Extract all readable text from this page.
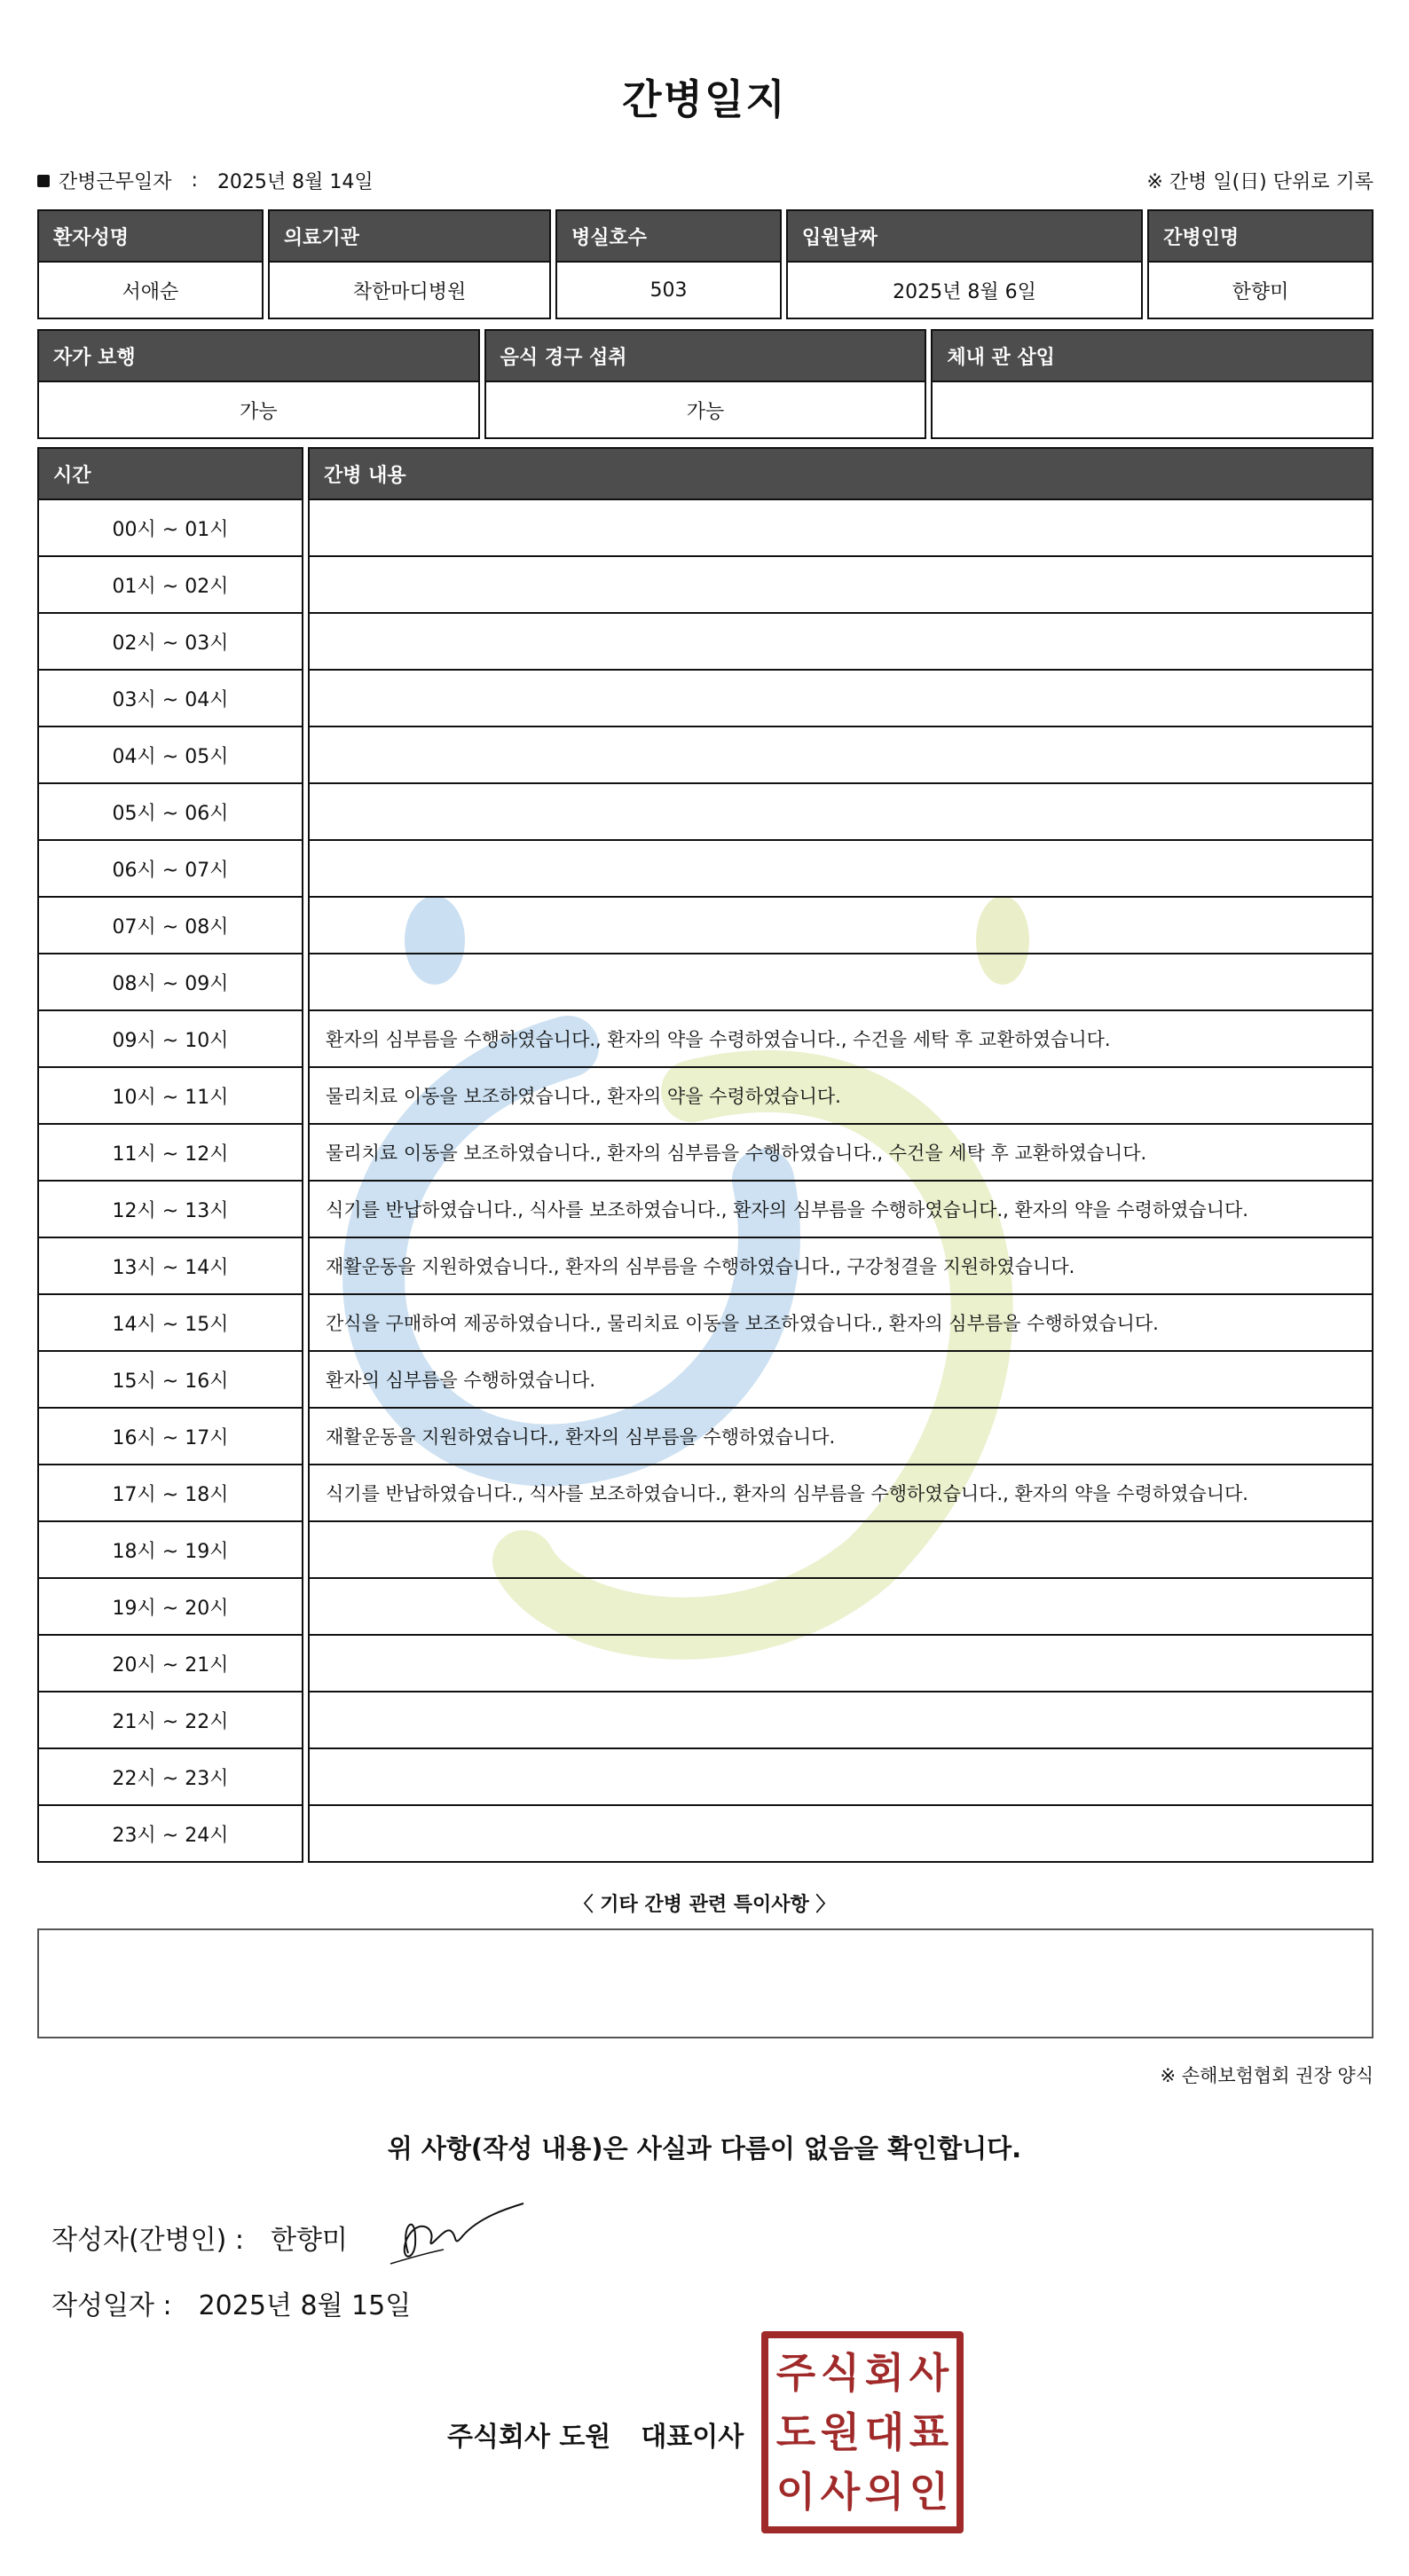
간병일지
간병근무일자 : 2025년 8월 14일	※ 간병 일(日) 단위로 기록
환자성명	의료기관	병실호수	입원날짜	간병인명
서애순	착한마디병원	503	2025년 8월 6일	한향미
자가 보행	음식 경구 섭취	체내 관 삽입
가능	가능	
시간	간병 내용
00시 ~ 01시	
01시 ~ 02시	
02시 ~ 03시	
03시 ~ 04시	
04시 ~ 05시	
05시 ~ 06시	
06시 ~ 07시	
07시 ~ 08시	
08시 ~ 09시	
09시 ~ 10시	환자의 심부름을 수행하였습니다., 환자의 약을 수령하였습니다., 수건을 세탁 후 교환하였습니다.
10시 ~ 11시	물리치료 이동을 보조하였습니다., 환자의 약을 수령하였습니다.
11시 ~ 12시	물리치료 이동을 보조하였습니다., 환자의 심부름을 수행하였습니다., 수건을 세탁 후 교환하였습니다.
12시 ~ 13시	식기를 반납하였습니다., 식사를 보조하였습니다., 환자의 심부름을 수행하였습니다., 환자의 약을 수령하였습니다.
13시 ~ 14시	재활운동을 지원하였습니다., 환자의 심부름을 수행하였습니다., 구강청결을 지원하였습니다.
14시 ~ 15시	간식을 구매하여 제공하였습니다., 물리치료 이동을 보조하였습니다., 환자의 심부름을 수행하였습니다.
15시 ~ 16시	환자의 심부름을 수행하였습니다.
16시 ~ 17시	재활운동을 지원하였습니다., 환자의 심부름을 수행하였습니다.
17시 ~ 18시	식기를 반납하였습니다., 식사를 보조하였습니다., 환자의 심부름을 수행하였습니다., 환자의 약을 수령하였습니다.
18시 ~ 19시	
19시 ~ 20시	
20시 ~ 21시	
21시 ~ 22시	
22시 ~ 23시	
23시 ~ 24시	
〈 기타 간병 관련 특이사항 〉
※ 손해보험협회 권장 양식
위 사항(작성 내용)은 사실과 다름이 없음을 확인합니다.
작성자(간병인) : 한향미
작성일자 : 2025년 8월 15일
주식회사 도원 대표이사
주 식 회 사
도 원 대 표
이 사 의 인
